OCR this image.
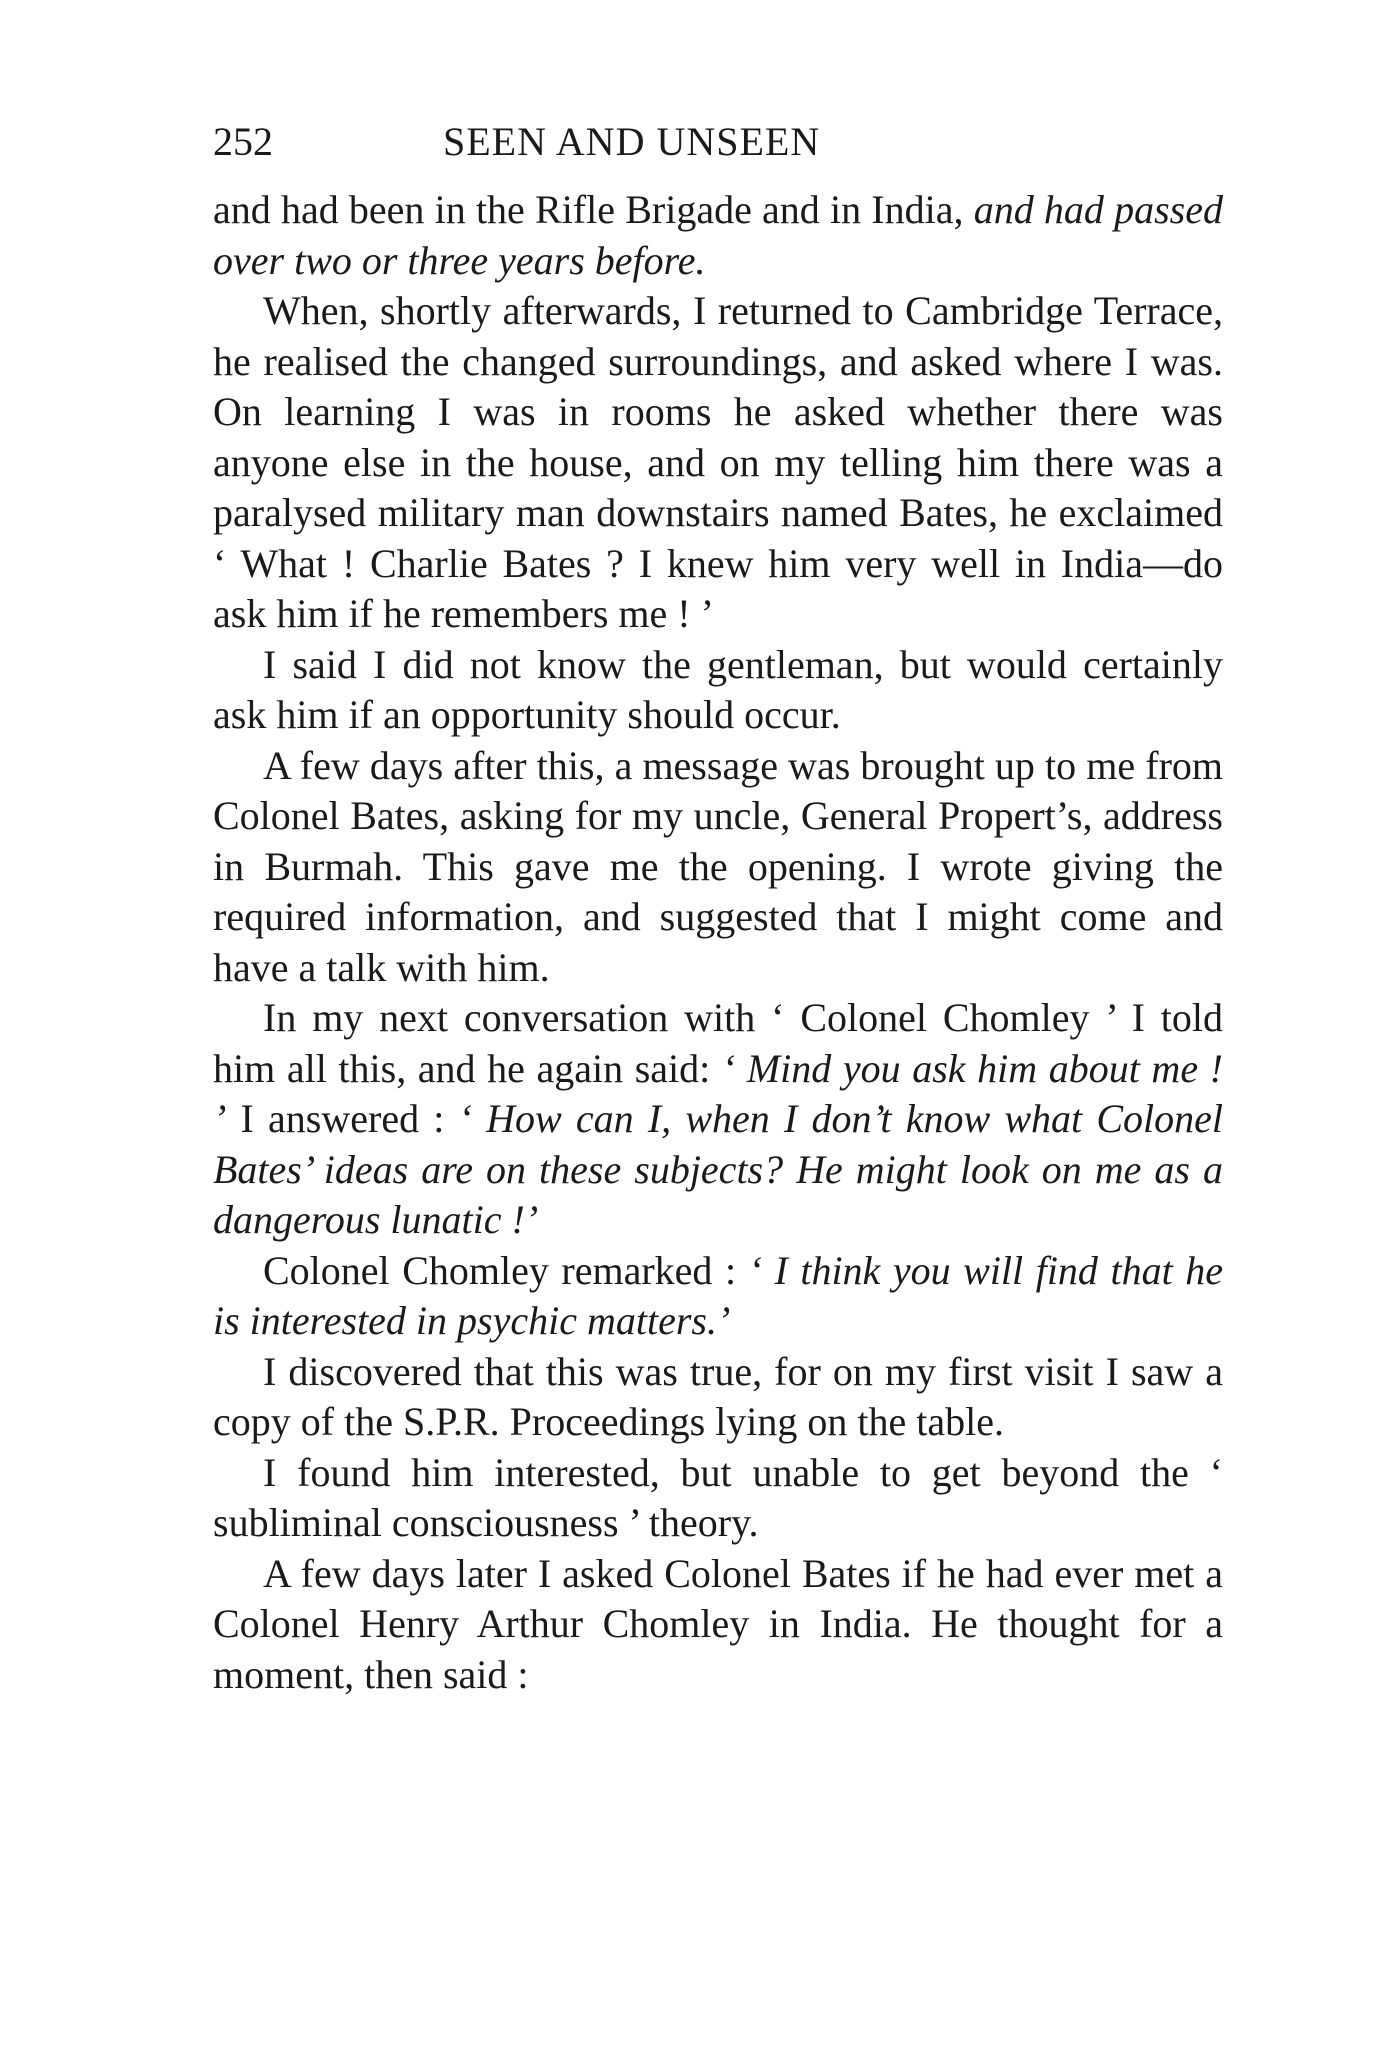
252	SEEN AND UNSEEN

and had been in the Rifle Brigade and in India, and had passed over two or three years before.

When, shortly afterwards, I returned to Cambridge Terrace, he realised the changed surroundings, and asked where I was. On learning I was in rooms he asked whether there was anyone else in the house, and on my telling him there was a paralysed military man downstairs named Bates, he exclaimed ‘ What ! Charlie Bates ? I knew him very well in India—do ask him if he remembers me ! ’

I said I did not know the gentleman, but would certainly ask him if an opportunity should occur.

A few days after this, a message was brought up to me from Colonel Bates, asking for my uncle, General Propert’s, address in Burmah. This gave me the opening. I wrote giving the required information, and suggested that I might come and have a talk with him.

In my next conversation with ‘ Colonel Chomley ’ I told him all this, and he again said: ‘ Mind you ask him about me ! ’ I answered : ‘ How can I, when I don’t know what Colonel Bates’ ideas are on these subjects? He might look on me as a dangerous lunatic !’

Colonel Chomley remarked : ‘ I think you will find that he is interested in psychic matters.’

I discovered that this was true, for on my first visit I saw a copy of the S.P.R. Proceedings lying on the table.

I found him interested, but unable to get beyond the ‘ subliminal consciousness ’ theory.

A few days later I asked Colonel Bates if he had ever met a Colonel Henry Arthur Chomley in India. He thought for a moment, then said :
